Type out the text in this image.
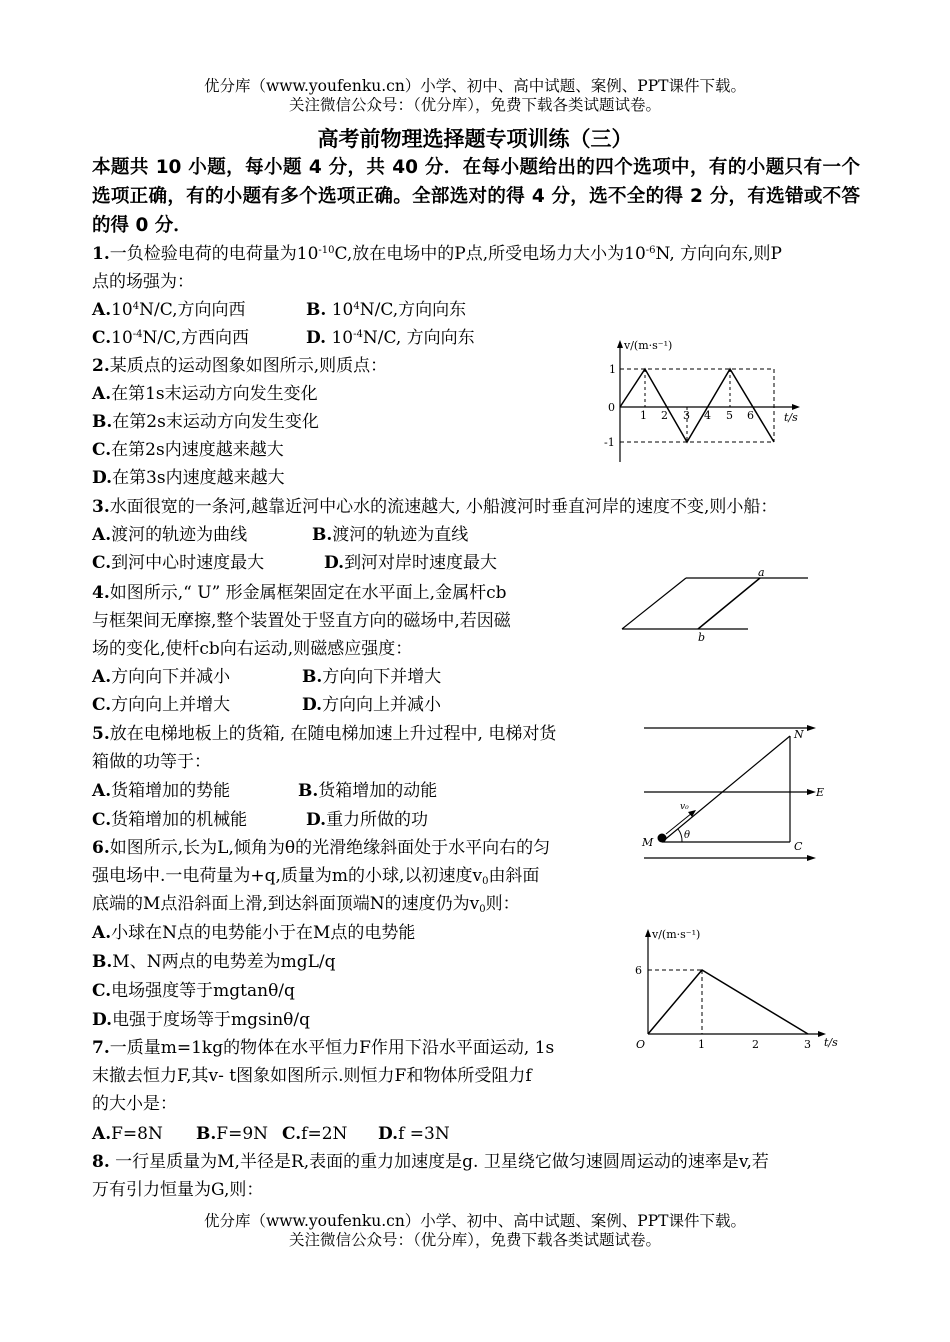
优分库（www.youfenku.cn）小学、初中、高中试题、案例、PPT课件下载。
关注微信公众号：（优分库），免费下载各类试题试卷。
高考前物理选择题专项训练（三）
本题共 10 小题，每小题 4 分，共 40 分．在每小题给出的四个选项中，有的小题只有一个选项正确，有的小题有多个选项正确。全部选对的得 4 分，选不全的得 2 分，有选错或不答的得 0 分．
1.一负检验电荷的电荷量为$10^{-10}C$,放在电场中的P点,所受电场力大小为$10^{-6}N$, 方向向东,则P
点的场强为：
$A.10^4N/C$,方向向西	B. $10^4N/C$,方向向东
$C.10^{-4}N/C$,方西向西	D. $10^{-4}N/C$, 方向向东
2.某质点的运动图象如图所示,则质点：
A.在第1s末运动方向发生变化
B.在第2s末运动方向发生变化
C.在第2s内速度越来越大
D.在第3s内速度越来越大
v/(m·s⁻¹)
t/s
1
0
-1
1 2 3 4 5 6
3.水面很宽的一条河,越靠近河中心水的流速越大, 小船渡河时垂直河岸的速度不变,则小船：
A.渡河的轨迹为曲线	B.渡河的轨迹为直线
C.到河中心时速度最大	D.到河对岸时速度最大
4.如图所示,“ U” 形金属框架固定在水平面上,金属杆cb
与框架间无摩擦,整个装置处于竖直方向的磁场中,若因磁
场的变化,使杆cb向右运动,则磁感应强度：
A.方向向下并减小	B.方向向下并增大
C.方向向上并增大	D.方向向上并减小
a
b
5.放在电梯地板上的货箱, 在随电梯加速上升过程中, 电梯对货
箱做的功等于：
A.货箱增加的势能	B.货箱增加的动能
C.货箱增加的机械能	D.重力所做的功
N
E
M	C
v₀
θ
6.如图所示,长为L,倾角为θ的光滑绝缘斜面处于水平向右的匀
强电场中.一电荷量为+q,质量为m的小球,以初速度$v_0$由斜面
底端的M点沿斜面上滑,到达斜面顶端N的速度仍为$v_0$则：
A.小球在N点的电势能小于在M点的电势能
B.M、N两点的电势差为mgL/q
C.电场强度等于mgtanθ/q
D.电强于度场等于mgsinθ/q
v/(m·s⁻¹)
t/s
6
O	1	2	3
7.一质量m=1kg的物体在水平恒力F作用下沿水平面运动, 1s
末撤去恒力F,其v- t图象如图所示.则恒力F和物体所受阻力f
的大小是：
A.F=8N B.F=9N C.f=2N D.f =3N
8. 一行星质量为M,半径是R,表面的重力加速度是g. 卫星绕它做匀速圆周运动的速率是v,若
万有引力恒量为G,则：
优分库（www.youfenku.cn）小学、初中、高中试题、案例、PPT课件下载。
关注微信公众号：（优分库），免费下载各类试题试卷。
